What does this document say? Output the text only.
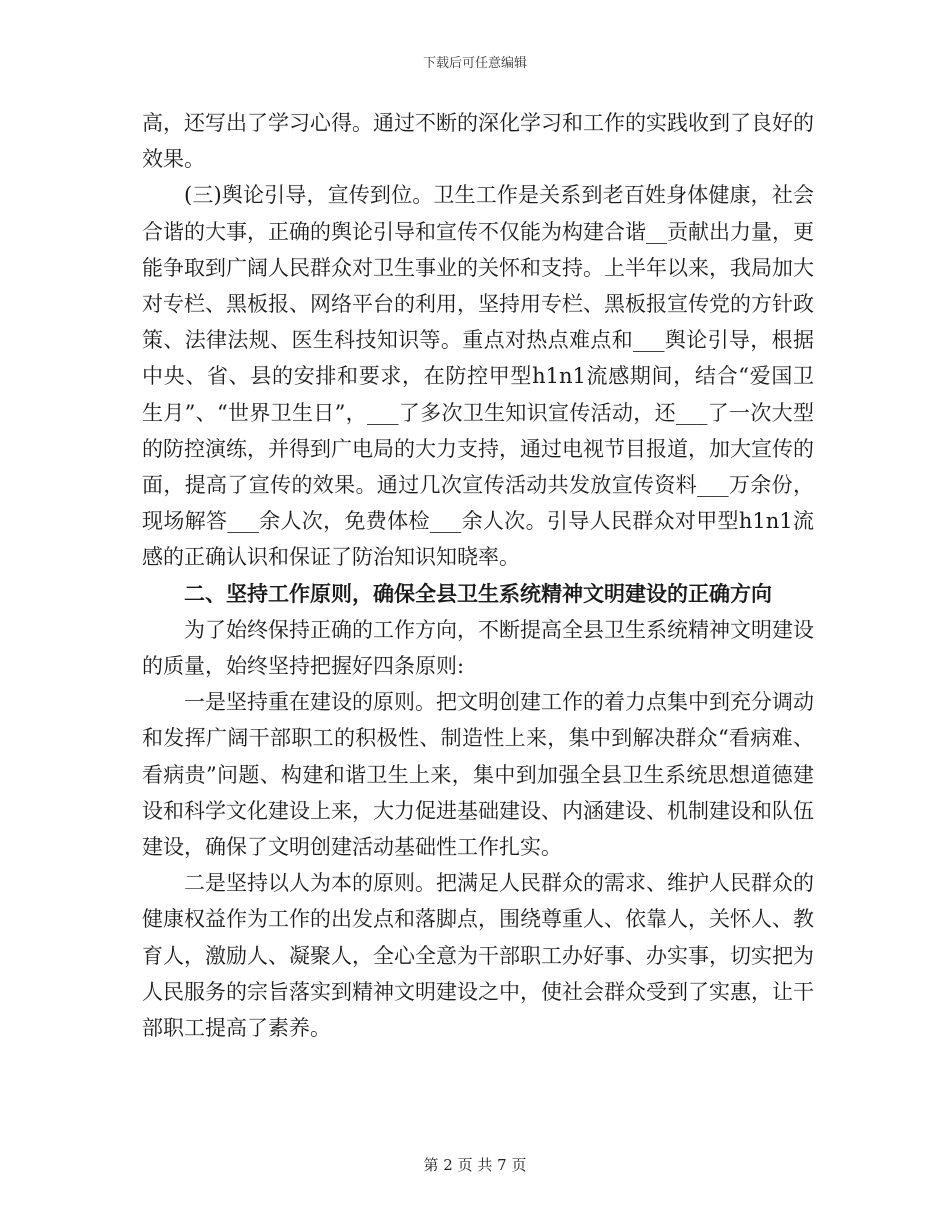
下载后可任意编辑

高，还写出了学习心得。通过不断的深化学习和工作的实践收到了良好的效果。

(三)舆论引导，宣传到位。卫生工作是关系到老百姓身体健康，社会合谐的大事，正确的舆论引导和宣传不仅能为构建合谐__贡献出力量，更能争取到广阔人民群众对卫生事业的关怀和支持。上半年以来，我局加大对专栏、黑板报、网络平台的利用，坚持用专栏、黑板报宣传党的方针政策、法律法规、医生科技知识等。重点对热点难点和___舆论引导，根据中央、省、县的安排和要求，在防控甲型h1n1流感期间，结合“爱国卫生月”、“世界卫生日”，___了多次卫生知识宣传活动，还___了一次大型的防控演练，并得到广电局的大力支持，通过电视节目报道，加大宣传的面，提高了宣传的效果。通过几次宣传活动共发放宣传资料___万余份，现场解答___余人次，免费体检___余人次。引导人民群众对甲型h1n1流感的正确认识和保证了防治知识知晓率。

二、坚持工作原则，确保全县卫生系统精神文明建设的正确方向

为了始终保持正确的工作方向，不断提高全县卫生系统精神文明建设的质量，始终坚持把握好四条原则:

一是坚持重在建设的原则。把文明创建工作的着力点集中到充分调动和发挥广阔干部职工的积极性、制造性上来，集中到解决群众“看病难、看病贵”问题、构建和谐卫生上来，集中到加强全县卫生系统思想道德建设和科学文化建设上来，大力促进基础建设、内涵建设、机制建设和队伍建设，确保了文明创建活动基础性工作扎实。

二是坚持以人为本的原则。把满足人民群众的需求、维护人民群众的健康权益作为工作的出发点和落脚点，围绕尊重人、依靠人，关怀人、教育人，激励人、凝聚人，全心全意为干部职工办好事、办实事，切实把为人民服务的宗旨落实到精神文明建设之中，使社会群众受到了实惠，让干部职工提高了素养。

第 2 页 共 7 页
